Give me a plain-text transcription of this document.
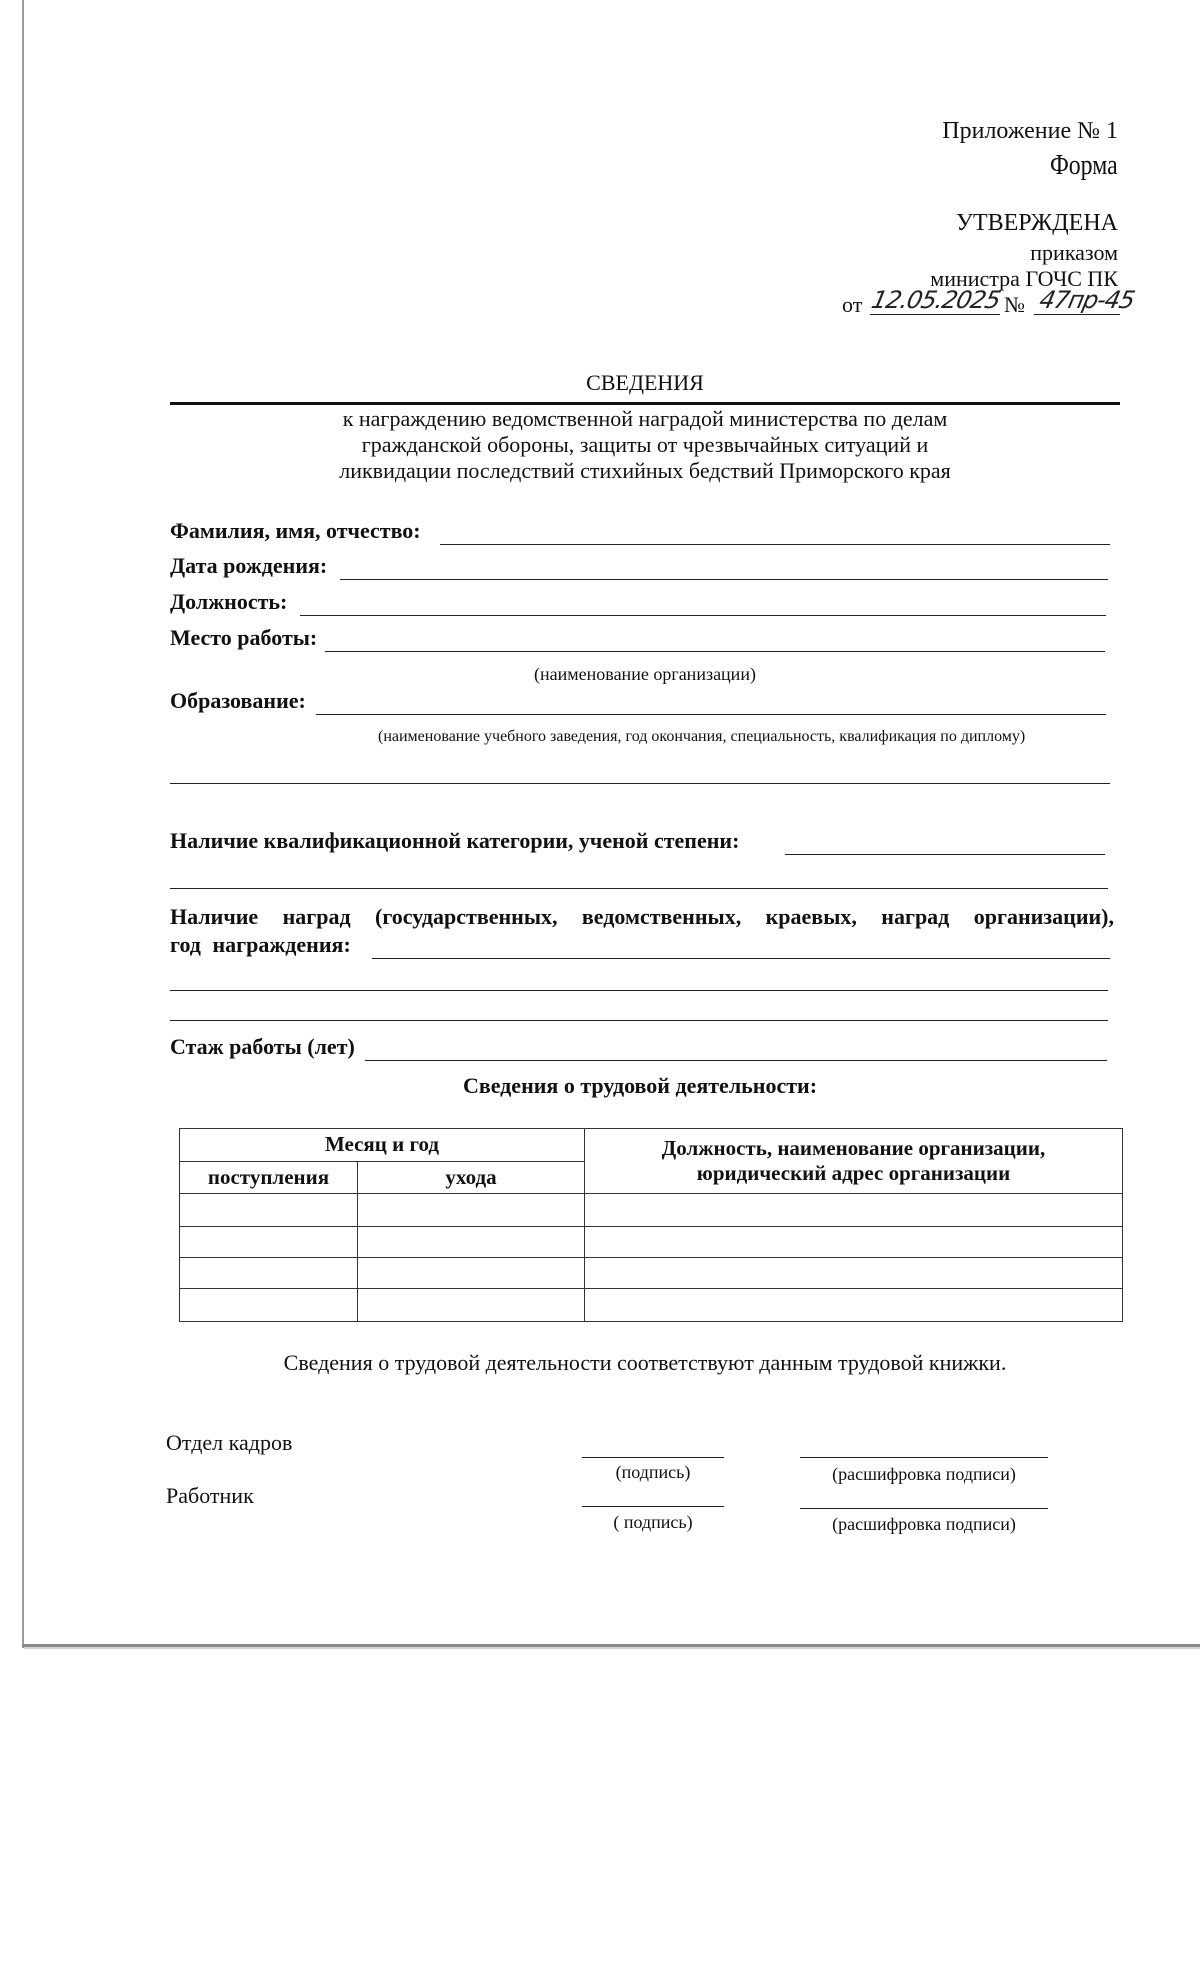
Приложение № 1
Форма
УТВЕРЖДЕНА
приказом
министра ГОЧС ПК
от 12.05.2025 № 47пр-45
СВЕДЕНИЯ
к награждению ведомственной наградой министерства по делам
гражданской обороны, защиты от чрезвычайных ситуаций и
ликвидации последствий стихийных бедствий Приморского края
Фамилия, имя, отчество:
Дата рождения:
Должность:
Место работы:
(наименование организации)
Образование:
(наименование учебного заведения, год окончания, специальность, квалификация по диплому)
Наличие квалификационной категории, ученой степени:
Наличие наград (государственных, ведомственных, краевых, наград организации),
год награждения:
Стаж работы (лет)
Сведения о трудовой деятельности:
Месяц и год		Должность, наименование организации,
юридический адрес организации

поступления	ухода	

Сведения о трудовой деятельности соответствуют данным трудовой книжки.
Отдел кадров
(подпись)	(расшифровка подписи)
Работник
( подпись)	(расшифровка подписи)
